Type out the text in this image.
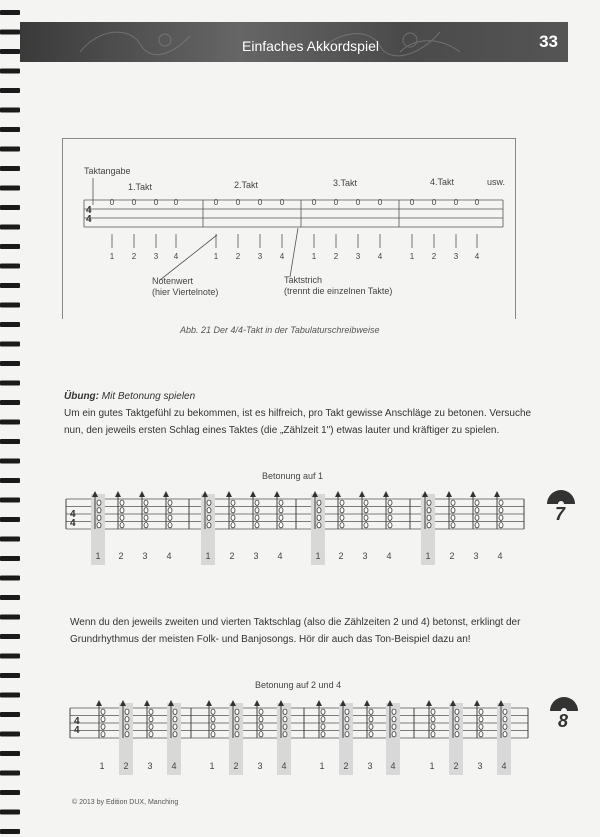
Einfaches Akkordspiel	33
0 0 0 0	0 0 0 0	0 0 0 0	0 0 0 0
1 2 3 4	1 2 3 4	1 2 3 4	1 2 3 4
Taktangabe
1.Takt	2.Takt	3.Takt	4.Takt	usw.
4
4
Notenwert
(hier Viertelnote)
Taktstrich
(trennt die einzelnen Takte)
Abb. 21 Der 4/4-Takt in der Tabulaturschreibweise
Übung: Mit Betonung spielen
Um ein gutes Taktgefühl zu bekommen, ist es hilfreich, pro Takt gewisse Anschläge zu betonen. Versuche
nun, den jeweils ersten Schlag eines Taktes (die „Zählzeit 1") etwas lauter und kräftiger zu spielen.
Betonung auf 1
1 2 3 4	1 2 3 4	1 2 3 4	1 2 3 4
4
4	7
Wenn du den jeweils zweiten und vierten Taktschlag (also die Zählzeiten 2 und 4) betonst, erklingt der
Grundrhythmus der meisten Folk- und Banjosongs. Hör dir auch das Ton-Beispiel dazu an!
Betonung auf 2 und 4
1 2 3 4	1 2 3 4	1 2 3 4	1 2 3 4
4
4	8
© 2013 by Edition DUX, Manching
